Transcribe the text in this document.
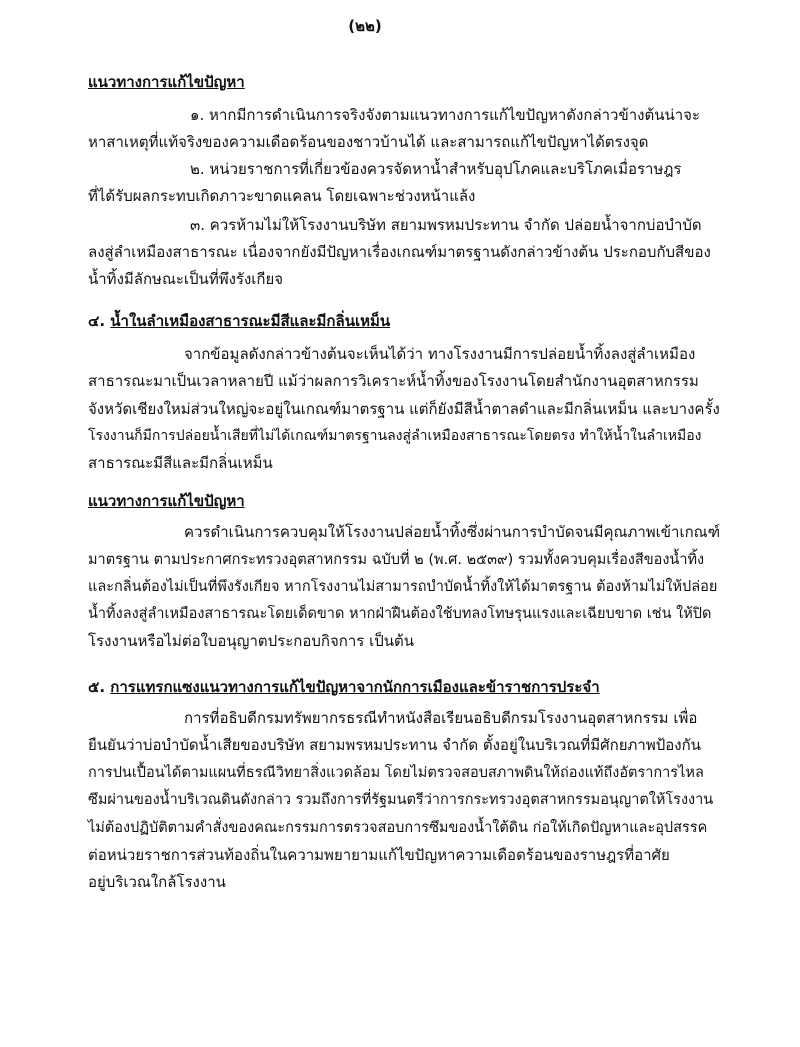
(๒๒)
แนวทางการแก้ไขปัญหา
๑. หากมีการดำเนินการจริงจังตามแนวทางการแก้ไขปัญหาดังกล่าวข้างต้นน่าจะ
หาสาเหตุที่แท้จริงของความเดือดร้อนของชาวบ้านได้ และสามารถแก้ไขปัญหาได้ตรงจุด
๒. หน่วยราชการที่เกี่ยวข้องควรจัดหาน้ำสำหรับอุปโภคและบริโภคเมื่อราษฎร
ที่ได้รับผลกระทบเกิดภาวะขาดแคลน โดยเฉพาะช่วงหน้าแล้ง
๓. ควรห้ามไม่ให้โรงงานบริษัท สยามพรหมประทาน จำกัด ปล่อยน้ำจากบ่อบำบัด
ลงสู่ลำเหมืองสาธารณะ เนื่องจากยังมีปัญหาเรื่องเกณฑ์มาตรฐานดังกล่าวข้างต้น ประกอบกับสีของ
น้ำทิ้งมีลักษณะเป็นที่พึงรังเกียจ
๔. น้ำในลำเหมืองสาธารณะมีสีและมีกลิ่นเหม็น
จากข้อมูลดังกล่าวข้างต้นจะเห็นได้ว่า ทางโรงงานมีการปล่อยน้ำทิ้งลงสู่ลำเหมือง
สาธารณะมาเป็นเวลาหลายปี แม้ว่าผลการวิเคราะห์น้ำทิ้งของโรงงานโดยสำนักงานอุตสาหกรรม
จังหวัดเชียงใหม่ส่วนใหญ่จะอยู่ในเกณฑ์มาตรฐาน แต่ก็ยังมีสีน้ำตาลดำและมีกลิ่นเหม็น และบางครั้ง
โรงงานก็มีการปล่อยน้ำเสียที่ไม่ได้เกณฑ์มาตรฐานลงสู่ลำเหมืองสาธารณะโดยตรง ทำให้น้ำในลำเหมือง
สาธารณะมีสีและมีกลิ่นเหม็น
แนวทางการแก้ไขปัญหา
ควรดำเนินการควบคุมให้โรงงานปล่อยน้ำทิ้งซึ่งผ่านการบำบัดจนมีคุณภาพเข้าเกณฑ์
มาตรฐาน ตามประกาศกระทรวงอุตสาหกรรม ฉบับที่ ๒ (พ.ศ. ๒๕๓๙) รวมทั้งควบคุมเรื่องสีของน้ำทิ้ง
และกลิ่นต้องไม่เป็นที่พึงรังเกียจ หากโรงงานไม่สามารถบำบัดน้ำทิ้งให้ได้มาตรฐาน ต้องห้ามไม่ให้ปล่อย
น้ำทิ้งลงสู่ลำเหมืองสาธารณะโดยเด็ดขาด หากฝ่าฝืนต้องใช้บทลงโทษรุนแรงและเฉียบขาด เช่น ให้ปิด
โรงงานหรือไม่ต่อใบอนุญาตประกอบกิจการ เป็นต้น
๕. การแทรกแซงแนวทางการแก้ไขปัญหาจากนักการเมืองและข้าราชการประจำ
การที่อธิบดีกรมทรัพยากรธรณีทำหนังสือเรียนอธิบดีกรมโรงงานอุตสาหกรรม เพื่อ
ยืนยันว่าบ่อบำบัดน้ำเสียของบริษัท สยามพรหมประทาน จำกัด ตั้งอยู่ในบริเวณที่มีศักยภาพป้องกัน
การปนเปื้อนได้ตามแผนที่ธรณีวิทยาสิ่งแวดล้อม โดยไม่ตรวจสอบสภาพดินให้ถ่องแท้ถึงอัตราการไหล
ซึมผ่านของน้ำบริเวณดินดังกล่าว รวมถึงการที่รัฐมนตรีว่าการกระทรวงอุตสาหกรรมอนุญาตให้โรงงาน
ไม่ต้องปฏิบัติตามคำสั่งของคณะกรรมการตรวจสอบการซึมของน้ำใต้ดิน ก่อให้เกิดปัญหาและอุปสรรค
ต่อหน่วยราชการส่วนท้องถิ่นในความพยายามแก้ไขปัญหาความเดือดร้อนของราษฎรที่อาศัย
อยู่บริเวณใกล้โรงงาน
